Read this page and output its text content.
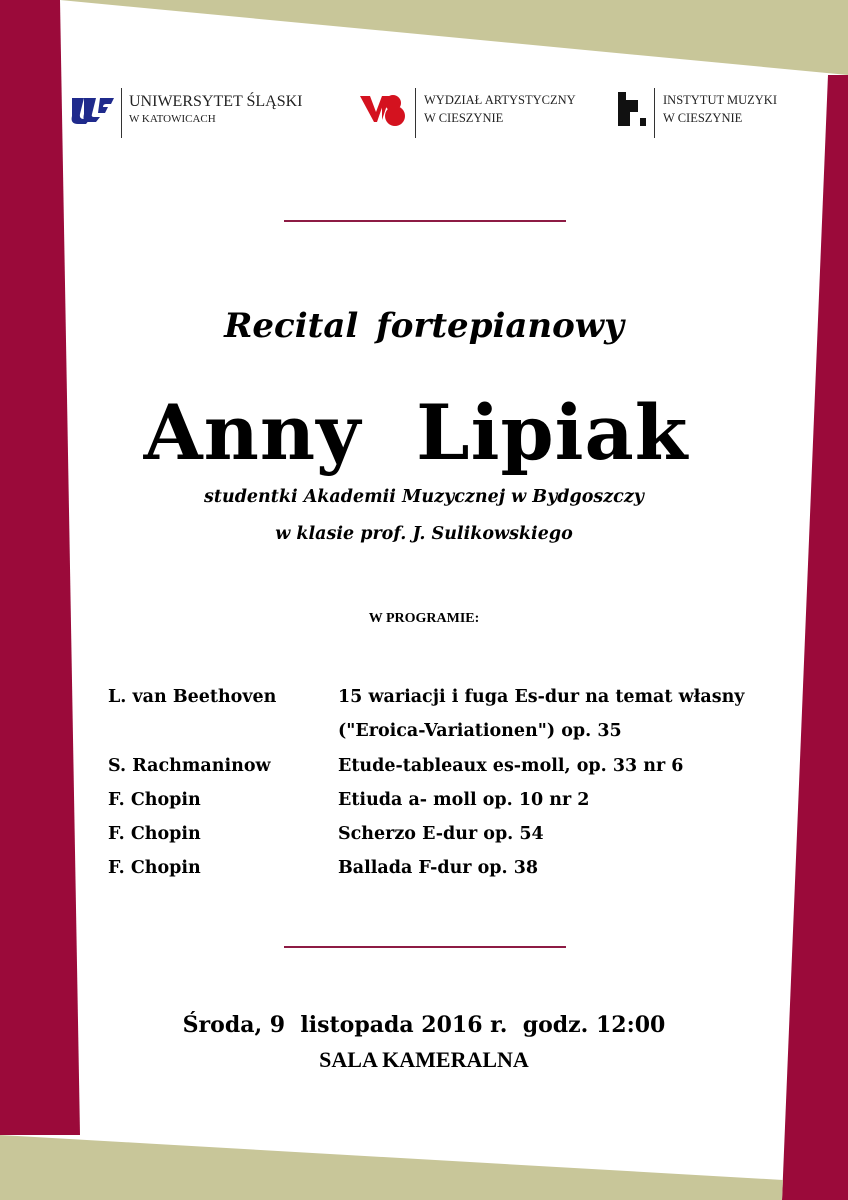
UNIWERSYTET ŚLĄSKI
W KATOWICACH
WYDZIAŁ ARTYSTYCZNY
W CIESZYNIE
INSTYTUT MUZYKI
W CIESZYNIE
Recital fortepianowy
Anny  Lipiak
studentki Akademii Muzycznej w Bydgoszczy
w klasie prof. J. Sulikowskiego
W PROGRAMIE:
L. van Beethoven	15 wariacji i fuga Es-dur na temat własny
("Eroica-Variationen") op. 35
S. Rachmaninow	Etude-tableaux es-moll, op. 33 nr 6
F. Chopin	Etiuda a- moll op. 10 nr 2
F. Chopin	Scherzo E-dur op. 54
F. Chopin	Ballada F-dur op. 38
Środa, 9  listopada 2016 r.  godz. 12:00
SALA KAMERALNA
